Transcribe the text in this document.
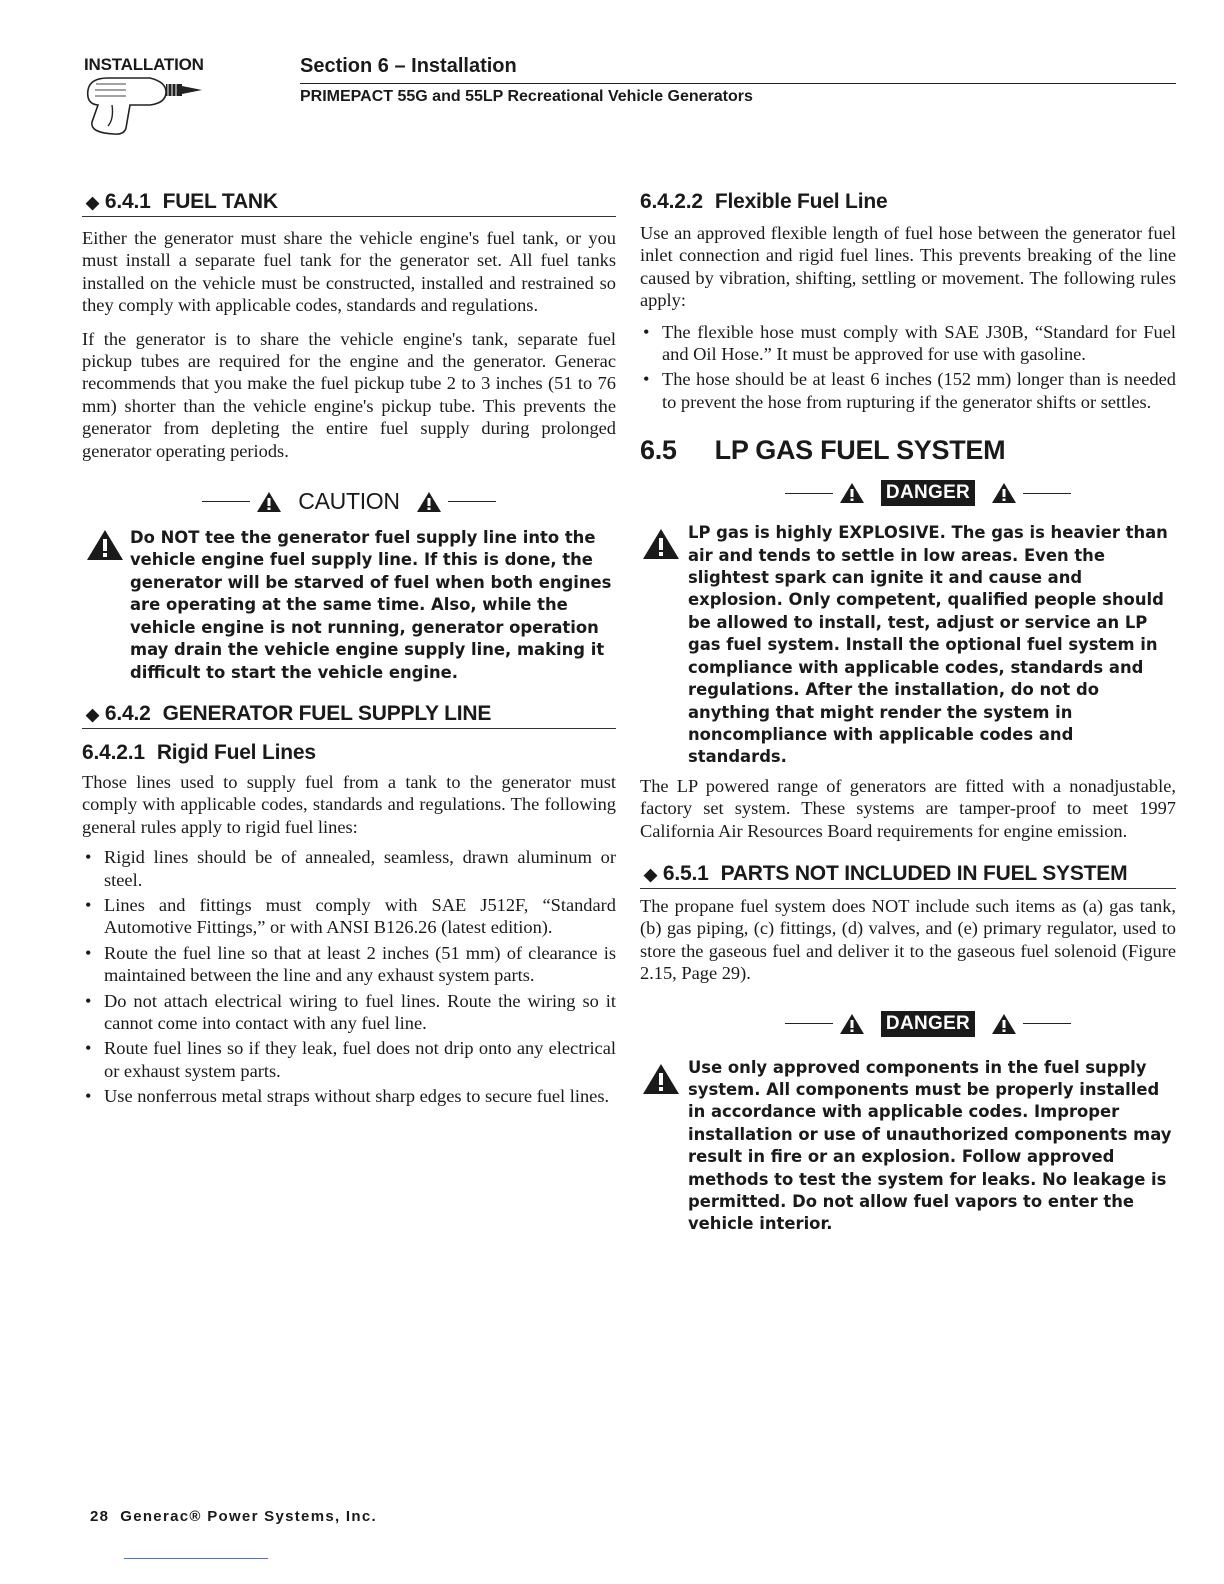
INSTALLATION	Section 6 – Installation
PRIMEPACT 55G and 55LP Recreational Vehicle Generators
◆ 6.4.1 FUEL TANK

Either the generator must share the vehicle engine's fuel tank, or you must install a separate fuel tank for the generator set. All fuel tanks installed on the vehicle must be constructed, installed and restrained so they comply with applicable codes, standards and regulations.

If the generator is to share the vehicle engine's tank, separate fuel pickup tubes are required for the engine and the generator. Generac recommends that you make the fuel pickup tube 2 to 3 inches (51 to 76 mm) shorter than the vehicle engine's pickup tube. This prevents the generator from depleting the entire fuel supply during prolonged generator operating periods.

CAUTION

Do NOT tee the generator fuel supply line into the vehicle engine fuel supply line. If this is done, the generator will be starved of fuel when both engines are operating at the same time. Also, while the vehicle engine is not running, generator operation may drain the vehicle engine supply line, making it difficult to start the vehicle engine.

◆ 6.4.2 GENERATOR FUEL SUPPLY LINE
6.4.2.1 Rigid Fuel Lines

Those lines used to supply fuel from a tank to the generator must comply with applicable codes, standards and regulations. The following general rules apply to rigid fuel lines:

• Rigid lines should be of annealed, seamless, drawn aluminum or steel.
• Lines and fittings must comply with SAE J512F, “Standard Automotive Fittings,” or with ANSI B126.26 (latest edition).
• Route the fuel line so that at least 2 inches (51 mm) of clearance is maintained between the line and any exhaust system parts.
• Do not attach electrical wiring to fuel lines. Route the wiring so it cannot come into contact with any fuel line.
• Route fuel lines so if they leak, fuel does not drip onto any electrical or exhaust system parts.
• Use nonferrous metal straps without sharp edges to secure fuel lines.
6.4.2.2 Flexible Fuel Line

Use an approved flexible length of fuel hose between the generator fuel inlet connection and rigid fuel lines. This prevents breaking of the line caused by vibration, shifting, settling or movement. The following rules apply:

• The flexible hose must comply with SAE J30B, “Standard for Fuel and Oil Hose.” It must be approved for use with gasoline.
• The hose should be at least 6 inches (152 mm) longer than is needed to prevent the hose from rupturing if the generator shifts or settles.
6.5 LP GAS FUEL SYSTEM
DANGER

LP gas is highly EXPLOSIVE. The gas is heavier than air and tends to settle in low areas. Even the slightest spark can ignite it and cause and explosion. Only competent, qualified people should be allowed to install, test, adjust or service an LP gas fuel system. Install the optional fuel system in compliance with applicable codes, standards and regulations. After the installation, do not do anything that might render the system in noncompliance with applicable codes and standards.

The LP powered range of generators are fitted with a nonadjustable, factory set system. These systems are tamper-proof to meet 1997 California Air Resources Board requirements for engine emission.

◆ 6.5.1 PARTS NOT INCLUDED IN FUEL SYSTEM

The propane fuel system does NOT include such items as (a) gas tank, (b) gas piping, (c) fittings, (d) valves, and (e) primary regulator, used to store the gaseous fuel and deliver it to the gaseous fuel solenoid (Figure 2.15, Page 29).

DANGER

Use only approved components in the fuel supply system. All components must be properly installed in accordance with applicable codes. Improper installation or use of unauthorized components may result in fire or an explosion. Follow approved methods to test the system for leaks. No leakage is permitted. Do not allow fuel vapors to enter the vehicle interior.

28 Generac® Power Systems, Inc.
